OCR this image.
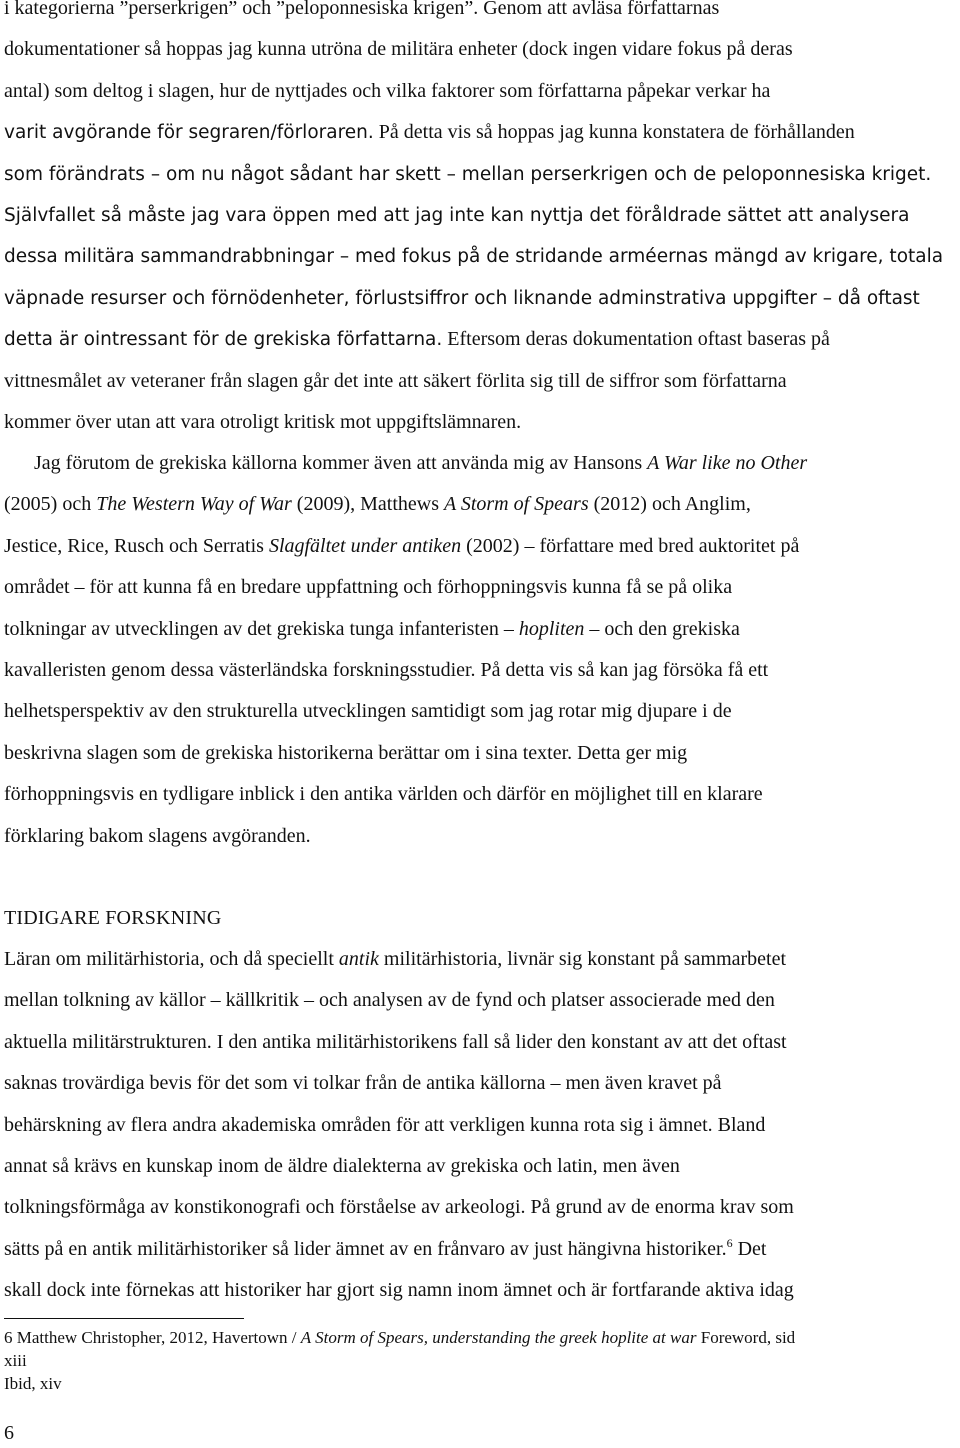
i kategorierna ”perserkrigen” och ”peloponnesiska krigen”. Genom att avläsa författarnas
dokumentationer så hoppas jag kunna utröna de militära enheter (dock ingen vidare fokus på deras
antal) som deltog i slagen, hur de nyttjades och vilka faktorer som författarna påpekar verkar ha
varit avgörande för segraren/förloraren. På detta vis så hoppas jag kunna konstatera de förhållanden
som förändrats – om nu något sådant har skett – mellan perserkrigen och de peloponnesiska kriget.
Självfallet så måste jag vara öppen med att jag inte kan nyttja det föråldrade sättet att analysera
dessa militära sammandrabbningar – med fokus på de stridande arméernas mängd av krigare, totala
väpnade resurser och förnödenheter, förlustsiffror och liknande adminstrativa uppgifter – då oftast
detta är ointressant för de grekiska författarna. Eftersom deras dokumentation oftast baseras på
vittnesmålet av veteraner från slagen går det inte att säkert förlita sig till de siffror som författarna
kommer över utan att vara otroligt kritisk mot uppgiftslämnaren.
Jag förutom de grekiska källorna kommer även att använda mig av Hansons A War like no Other
(2005) och The Western Way of War (2009), Matthews A Storm of Spears (2012) och Anglim,
Jestice, Rice, Rusch och Serratis Slagfältet under antiken (2002) – författare med bred auktoritet på
området – för att kunna få en bredare uppfattning och förhoppningsvis kunna få se på olika
tolkningar av utvecklingen av det grekiska tunga infanteristen – hopliten – och den grekiska
kavalleristen genom dessa västerländska forskningsstudier. På detta vis så kan jag försöka få ett
helhetsperspektiv av den strukturella utvecklingen samtidigt som jag rotar mig djupare i de
beskrivna slagen som de grekiska historikerna berättar om i sina texter. Detta ger mig
förhoppningsvis en tydligare inblick i den antika världen och därför en möjlighet till en klarare
förklaring bakom slagens avgöranden.
TIDIGARE FORSKNING
Läran om militärhistoria, och då speciellt antik militärhistoria, livnär sig konstant på sammarbetet
mellan tolkning av källor – källkritik – och analysen av de fynd och platser associerade med den
aktuella militärstrukturen. I den antika militärhistorikens fall så lider den konstant av att det oftast
saknas trovärdiga bevis för det som vi tolkar från de antika källorna – men även kravet på
behärskning av flera andra akademiska områden för att verkligen kunna rota sig i ämnet. Bland
annat så krävs en kunskap inom de äldre dialekterna av grekiska och latin, men även
tolkningsförmåga av konstikonografi och förståelse av arkeologi. På grund av de enorma krav som
sätts på en antik militärhistoriker så lider ämnet av en frånvaro av just hängivna historiker.$^6$ Det
skall dock inte förnekas att historiker har gjort sig namn inom ämnet och är fortfarande aktiva idag
6 Matthew Christopher, 2012, Havertown / A Storm of Spears, understanding the greek hoplite at war Foreword, sid
xiii
Ibid, xiv
6
